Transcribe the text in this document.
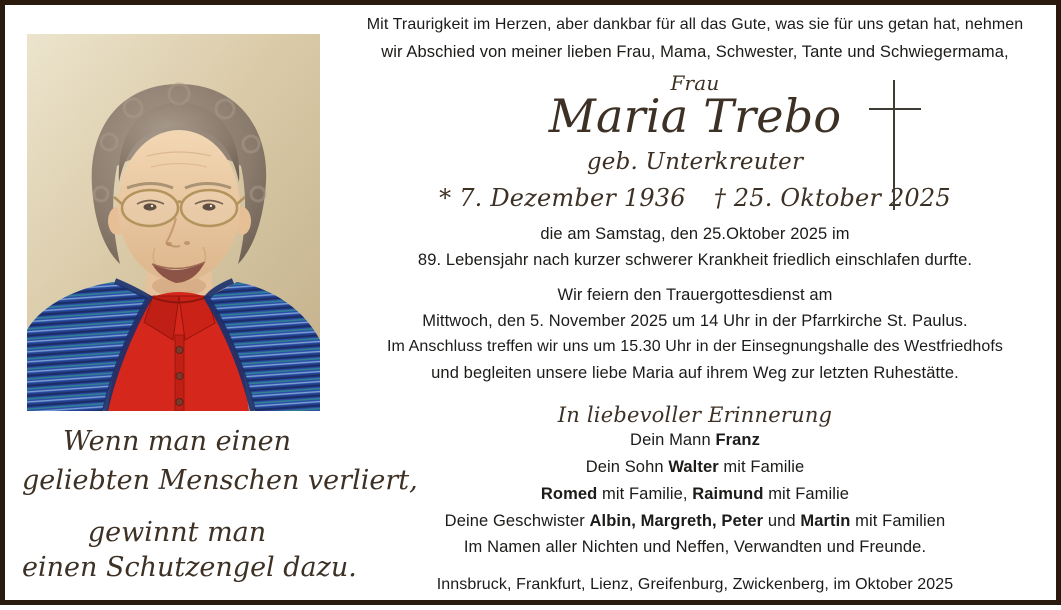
Wenn man einen
geliebten Menschen verliert,
gewinnt man
einen Schutzengel dazu.
Mit Traurigkeit im Herzen, aber dankbar für all das Gute, was sie für uns getan hat, nehmen
wir Abschied von meiner lieben Frau, Mama, Schwester, Tante und Schwiegermama,
Frau
Maria Trebo
geb. Unterkreuter
* 7. Dezember 1936 † 25. Oktober 2025
die am Samstag, den 25.Oktober 2025 im
89. Lebensjahr nach kurzer schwerer Krankheit friedlich einschlafen durfte.
Wir feiern den Trauergottesdienst am
Mittwoch, den 5. November 2025 um 14 Uhr in der Pfarrkirche St. Paulus.
Im Anschluss treffen wir uns um 15.30 Uhr in der Einsegnungshalle des Westfriedhofs
und begleiten unsere liebe Maria auf ihrem Weg zur letzten Ruhestätte.
In liebevoller Erinnerung
Dein Mann Franz
Dein Sohn Walter mit Familie
Romed mit Familie, Raimund mit Familie
Deine Geschwister Albin, Margreth, Peter und Martin mit Familien
Im Namen aller Nichten und Neffen, Verwandten und Freunde.
Innsbruck, Frankfurt, Lienz, Greifenburg, Zwickenberg, im Oktober 2025
